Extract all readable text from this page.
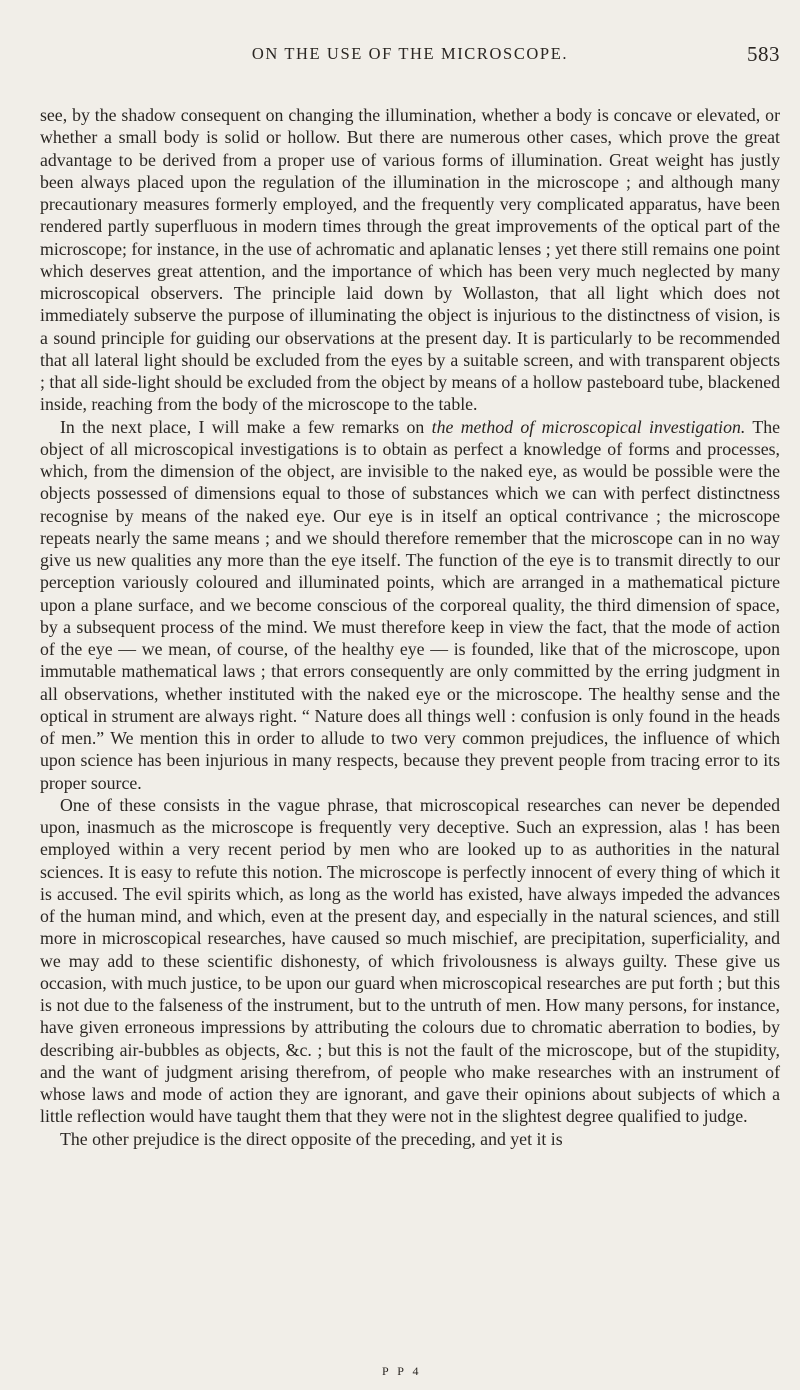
ON THE USE OF THE MICROSCOPE.	583

see, by the shadow consequent on changing the illumination, whether a body is concave or elevated, or whether a small body is solid or hollow. But there are numerous other cases, which prove the great advantage to be derived from a proper use of various forms of illumination. Great weight has justly been always placed upon the regulation of the illumination in the microscope ; and although many precautionary measures formerly employed, and the frequently very complicated apparatus, have been rendered partly superfluous in modern times through the great improvements of the optical part of the microscope; for instance, in the use of achromatic and aplanatic lenses ; yet there still remains one point which deserves great attention, and the importance of which has been very much neglected by many microscopical observers. The principle laid down by Wollaston, that all light which does not immediately subserve the purpose of illuminating the object is injurious to the distinctness of vision, is a sound principle for guiding our observations at the present day. It is particularly to be recommended that all lateral light should be excluded from the eyes by a suitable screen, and with transparent objects ; that all side-light should be excluded from the object by means of a hollow pasteboard tube, blackened inside, reaching from the body of the microscope to the table.

In the next place, I will make a few remarks on the method of microscopical investigation. The object of all microscopical investigations is to obtain as perfect a knowledge of forms and processes, which, from the dimension of the object, are invisible to the naked eye, as would be possible were the objects possessed of dimensions equal to those of substances which we can with perfect distinctness recognise by means of the naked eye. Our eye is in itself an optical contrivance ; the microscope repeats nearly the same means ; and we should therefore remember that the microscope can in no way give us new qualities any more than the eye itself. The function of the eye is to transmit directly to our perception variously coloured and illuminated points, which are arranged in a mathematical picture upon a plane surface, and we become conscious of the corporeal quality, the third dimension of space, by a subsequent process of the mind. We must therefore keep in view the fact, that the mode of action of the eye — we mean, of course, of the healthy eye — is founded, like that of the microscope, upon immutable mathematical laws ; that errors consequently are only committed by the erring judgment in all observations, whether instituted with the naked eye or the microscope. The healthy sense and the optical in strument are always right. “ Nature does all things well : confusion is only found in the heads of men.” We mention this in order to allude to two very common prejudices, the influence of which upon science has been injurious in many respects, because they prevent people from tracing error to its proper source.

One of these consists in the vague phrase, that microscopical researches can never be depended upon, inasmuch as the microscope is frequently very deceptive. Such an expression, alas ! has been employed within a very recent period by men who are looked up to as authorities in the natural sciences. It is easy to refute this notion. The microscope is perfectly innocent of every thing of which it is accused. The evil spirits which, as long as the world has existed, have always impeded the advances of the human mind, and which, even at the present day, and especially in the natural sciences, and still more in microscopical researches, have caused so much mischief, are precipitation, superficiality, and we may add to these scientific dishonesty, of which frivolousness is always guilty. These give us occasion, with much justice, to be upon our guard when microscopical researches are put forth ; but this is not due to the falseness of the instrument, but to the untruth of men. How many persons, for instance, have given erroneous impressions by attributing the colours due to chromatic aberration to bodies, by describing air-bubbles as objects, &c. ; but this is not the fault of the microscope, but of the stupidity, and the want of judgment arising therefrom, of people who make researches with an instrument of whose laws and mode of action they are ignorant, and gave their opinions about subjects of which a little reflection would have taught them that they were not in the slightest degree qualified to judge.

The other prejudice is the direct opposite of the preceding, and yet it is

P P 4
